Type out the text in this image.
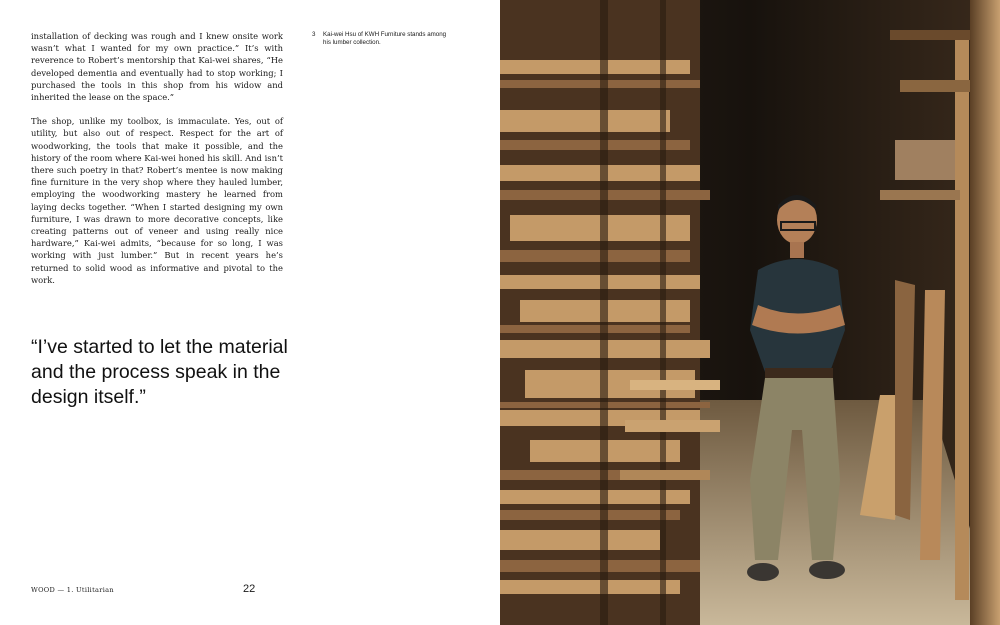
installation of decking was rough and I knew onsite work wasn’t what I wanted for my own practice.” It’s with reverence to Robert’s mentorship that Kai-wei shares, “He developed dementia and eventually had to stop working; I purchased the tools in this shop from his widow and inherited the lease on the space.”

The shop, unlike my toolbox, is immaculate. Yes, out of utility, but also out of respect. Respect for the art of woodworking, the tools that make it possible, and the history of the room where Kai-wei honed his skill. And isn’t there such poetry in that? Robert’s mentee is now making fine furniture in the very shop where they hauled lumber, employing the woodworking mastery he learned from laying decks together. “When I started designing my own furniture, I was drawn to more decorative concepts, like creating patterns out of veneer and using really nice hardware,” Kai-wei admits, “because for so long, I was working with just lumber.” But in recent years he’s returned to solid wood as informative and pivotal to the work.

3 Kai-wei Hsu of KWH Furniture stands among his lumber collection.

“I’ve started to let the material and the process speak in the design itself.”

WOOD — 1. Utilitarian	22
